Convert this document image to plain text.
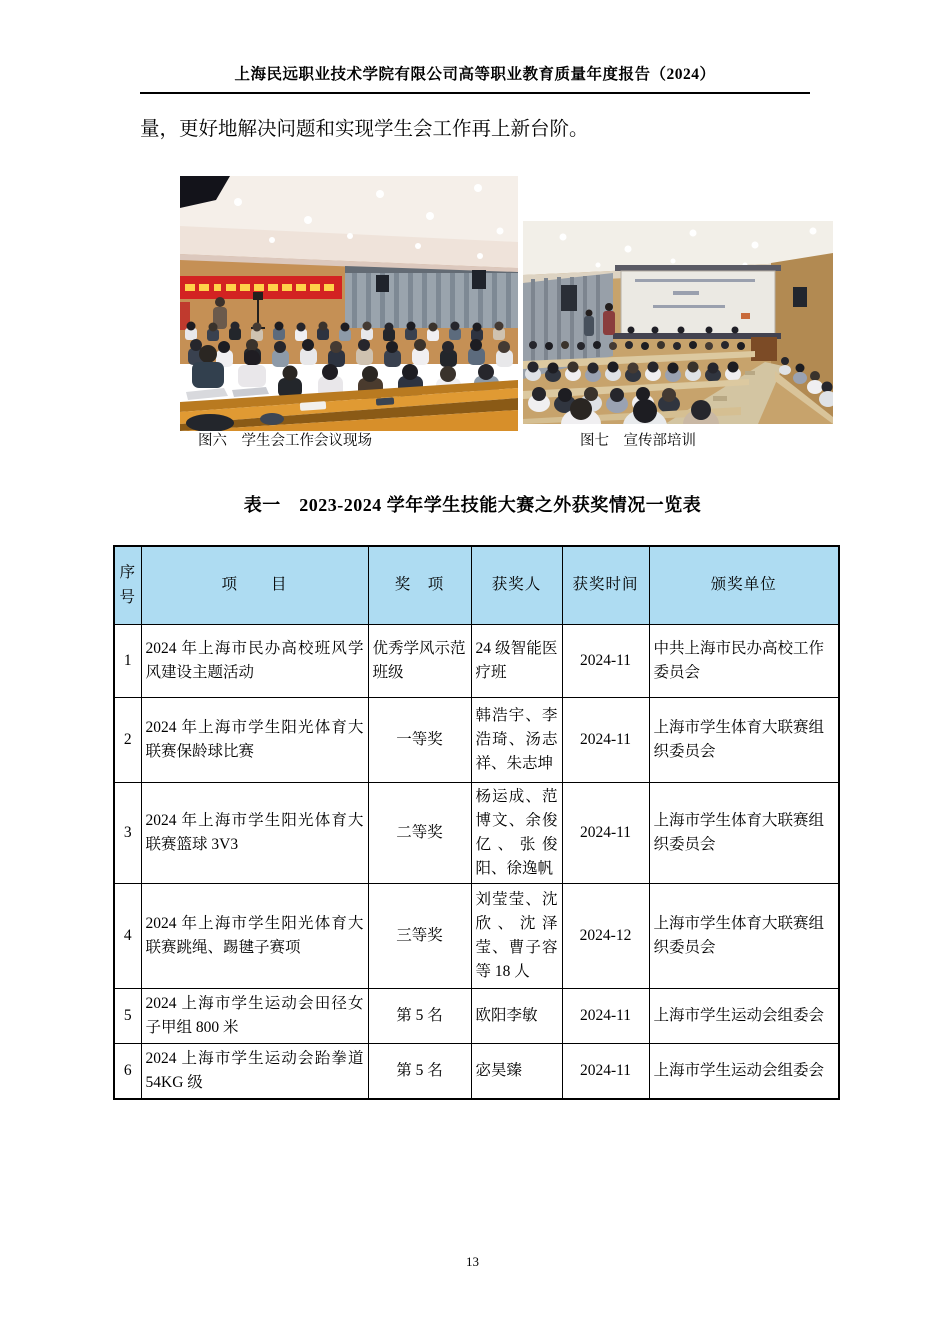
上海民远职业技术学院有限公司高等职业教育质量年度报告（2024）

量，更好地解决问题和实现学生会工作再上新台阶。

图六　学生会工作会议现场	图七　宣传部培训
表一　2023-2024 学年学生技能大赛之外获奖情况一览表
序号	项　　目	奖　项	获奖人	获奖时间	颁奖单位
1	2024 年上海市民办高校班风学风建设主题活动	优秀学风示范班级	24 级智能医疗班	2024-11	中共上海市民办高校工作委员会
2	2024 年上海市学生阳光体育大联赛保龄球比赛	一等奖	韩浩宇、李浩琦、汤志祥、朱志坤	2024-11	上海市学生体育大联赛组织委员会
3	2024 年上海市学生阳光体育大联赛篮球 3V3	二等奖	杨运成、范博文、余俊亿、张俊阳、徐逸帆	2024-11	上海市学生体育大联赛组织委员会
4	2024 年上海市学生阳光体育大联赛跳绳、踢毽子赛项	三等奖	刘莹莹、沈欣、沈泽莹、曹子容等 18 人	2024-12	上海市学生体育大联赛组织委员会
5	2024 上海市学生运动会田径女子甲组 800 米	第 5 名	欧阳李敏	2024-11	上海市学生运动会组委会
6	2024 上海市学生运动会跆拳道 54KG 级	第 5 名	宓昊臻	2024-11	上海市学生运动会组委会
13
